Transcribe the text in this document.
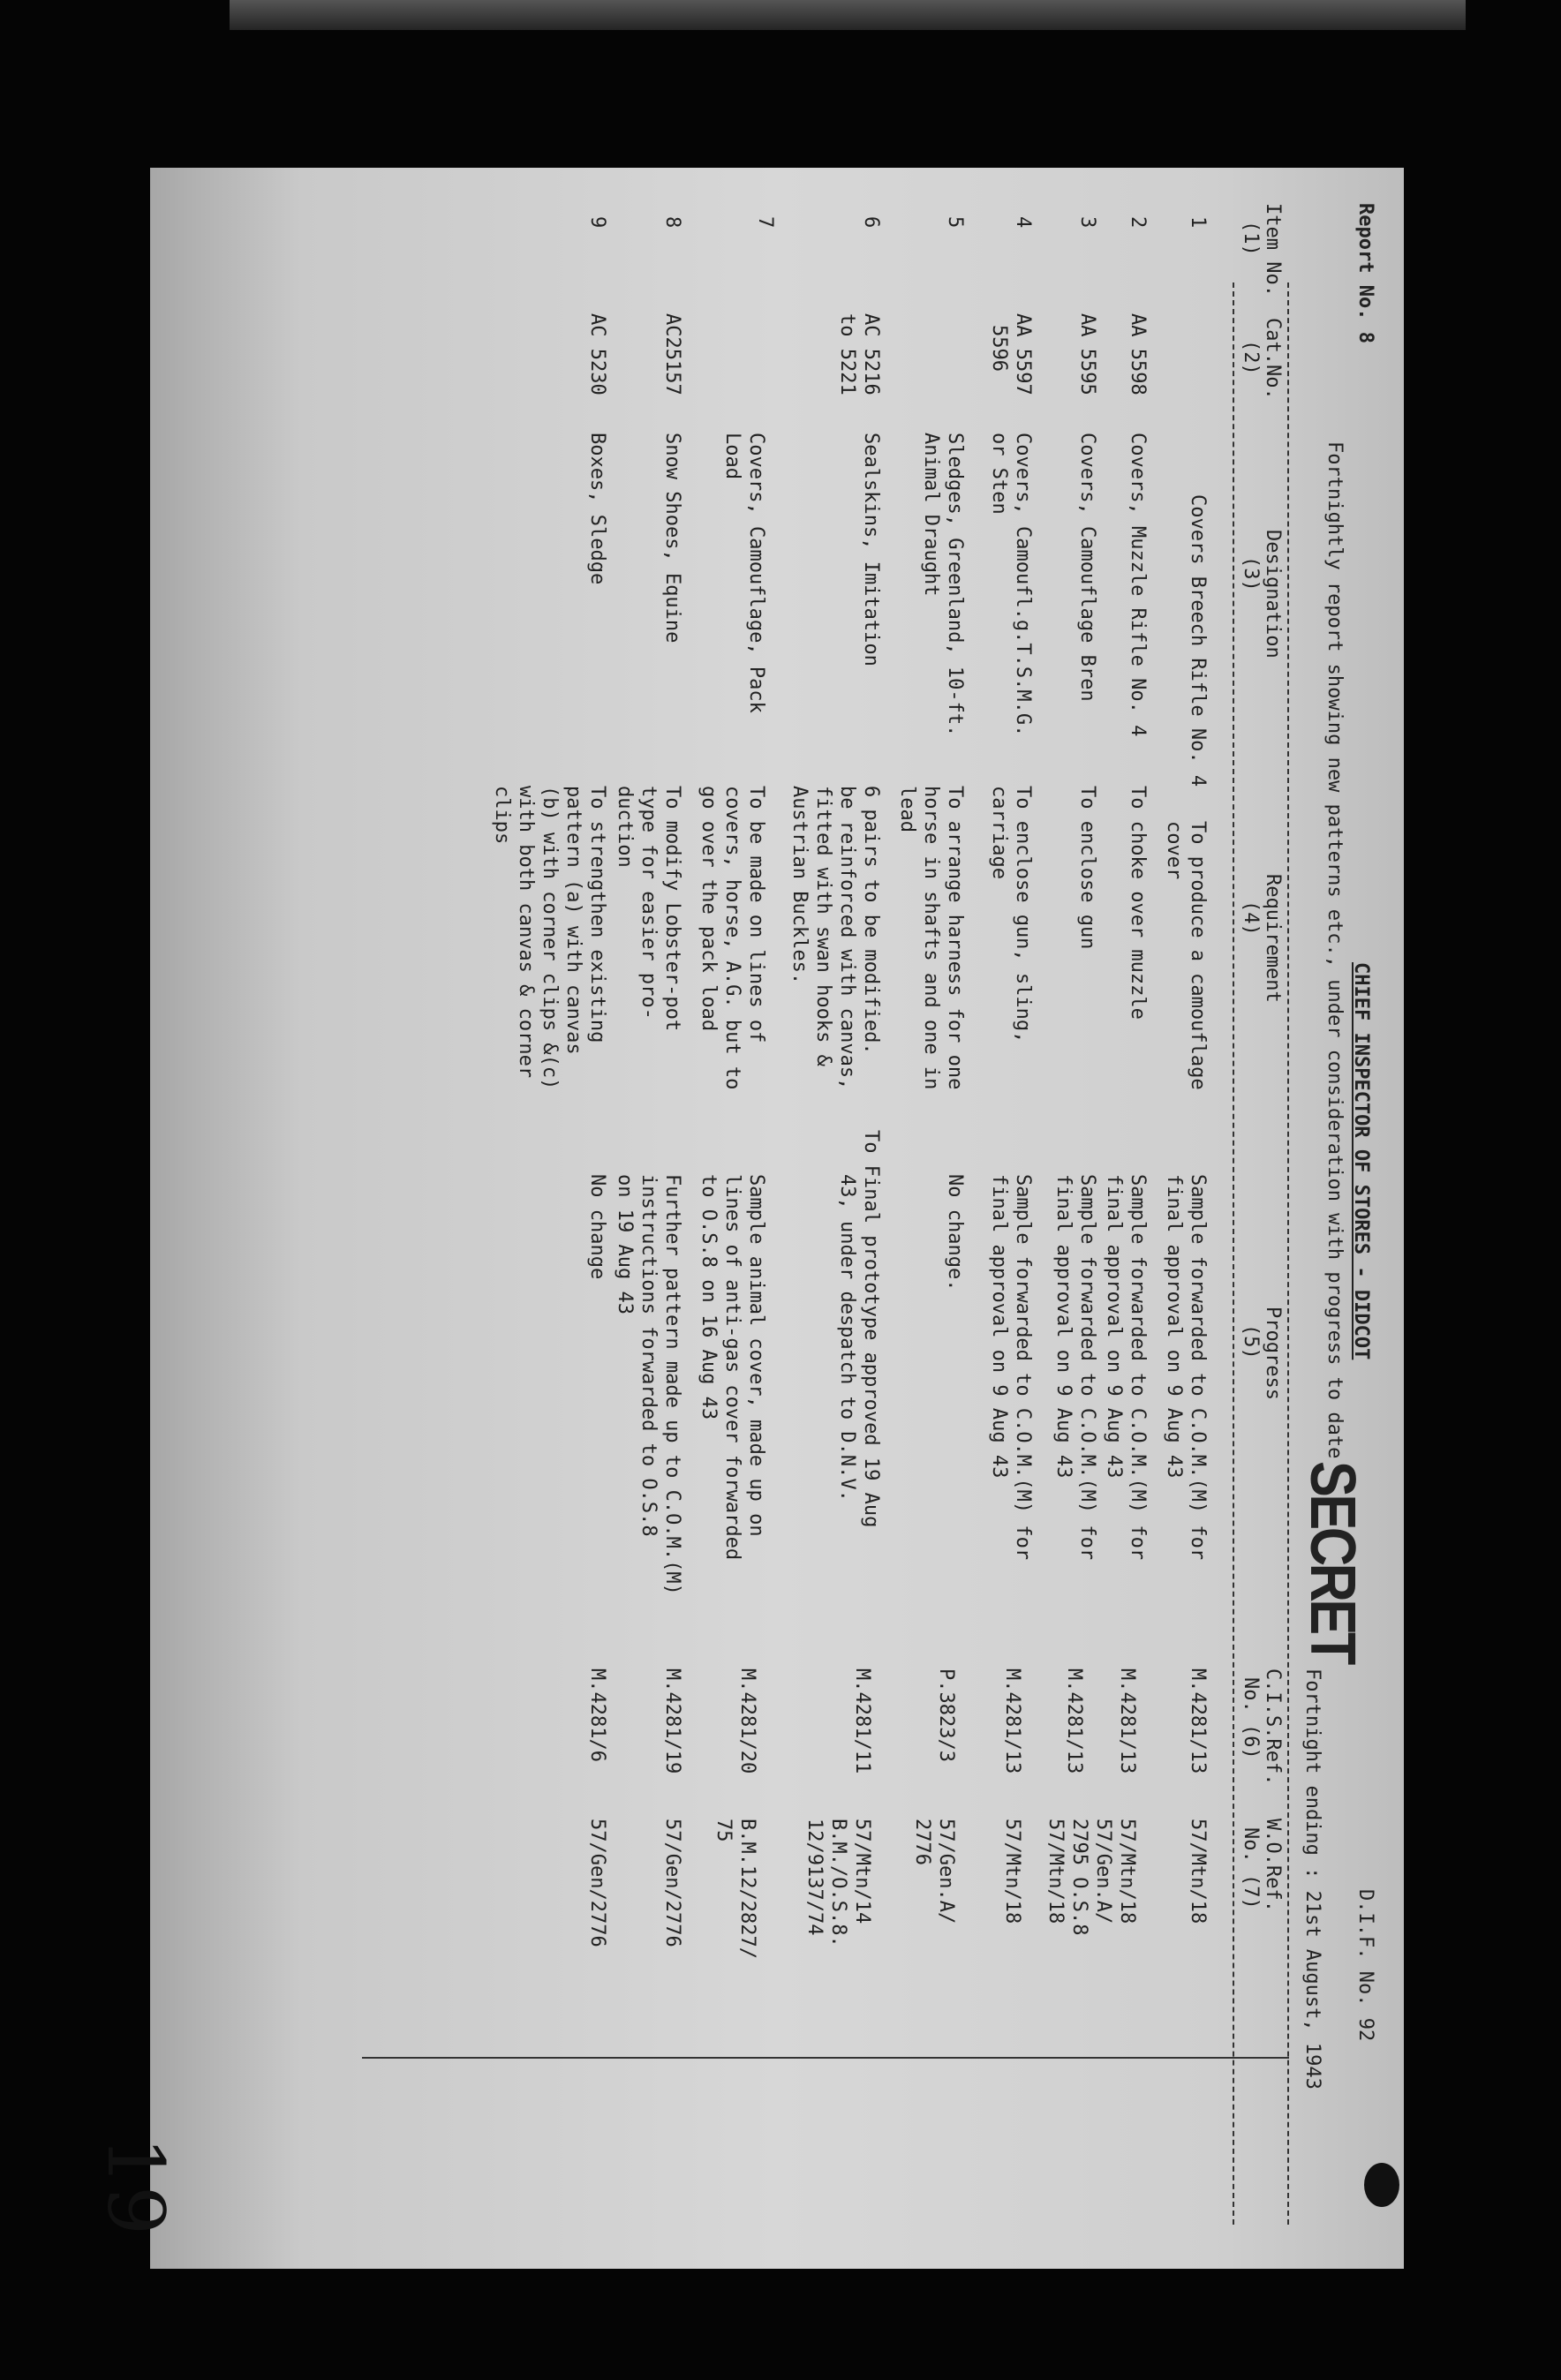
Report No. 8
SECRET
D.I.F. No. 92
Fortnightly report showing new patterns etc., under consideration with progress to date CHIEF INSPECTOR OF STORES - DIDCOT
Fortnight ending : 21st August, 1943
Item No.
(1)
Cat.No.
(2)
Designation
(3)
Requirement
(4)
Progress
(5)
C.I.S.Ref.
No. (6)
W.O.Ref.
No. (7)
1
Covers Breech Rifle No. 4
To produce a camouflage
cover
Sample forwarded to C.O.M.(M) for
final approval on 9 Aug 43
M.4281/13
57/Mtn/18
2
AA 5598
Covers, Muzzle Rifle No. 4
To choke over muzzle
Sample forwarded to C.O.M.(M) for
final approval on 9 Aug 43
M.4281/13
57/Mtn/18
57/Gen.A/
3
AA 5595
Covers, Camouflage Bren
To enclose gun
Sample forwarded to C.O.M.(M) for
final approval on 9 Aug 43
M.4281/13
2795 O.S.8
57/Mtn/18
4
AA 5597
5596
Covers, Camoufl.g.T.S.M.G.
or Sten
To enclose gun, sling,
carriage
Sample forwarded to C.O.M.(M) for
final approval on 9 Aug 43
M.4281/13
57/Mtn/18
5
Sledges, Greenland, 10-ft.
Animal Draught
To arrange harness for one
horse in shafts and one in
lead
No change.
P.3823/3
57/Gen.A/
2776
6
AC 5216
to 5221
Sealskins, Imitation
6 pairs to be modified.
be reinforced with canvas,
fitted with swan hooks &
Austrian Buckles.
To Final prototype approved 19 Aug
43, under despatch to D.N.V.
M.4281/11
57/Mtn/14
B.M./O.S.8.
12/9137/74
7
Covers, Camouflage, Pack
Load
To be made on lines of
covers, horse, A.G. but to
go over the pack load
Sample animal cover, made up on
lines of anti-gas cover forwarded
to O.S.8 on 16 Aug 43
M.4281/20
B.M.12/2827/
75
8
AC25157
Snow Shoes, Equine
To modify Lobster-pot
type for easier pro-
duction
Further pattern made up to C.O.M.(M)
instructions forwarded to O.S.8
on 19 Aug 43
M.4281/19
57/Gen/2776
9
AC 5230
Boxes, Sledge
To strengthen existing
pattern (a) with canvas
(b) with corner clips &(c)
with both canvas & corner
clips
No change
M.4281/6
57/Gen/2776
19
